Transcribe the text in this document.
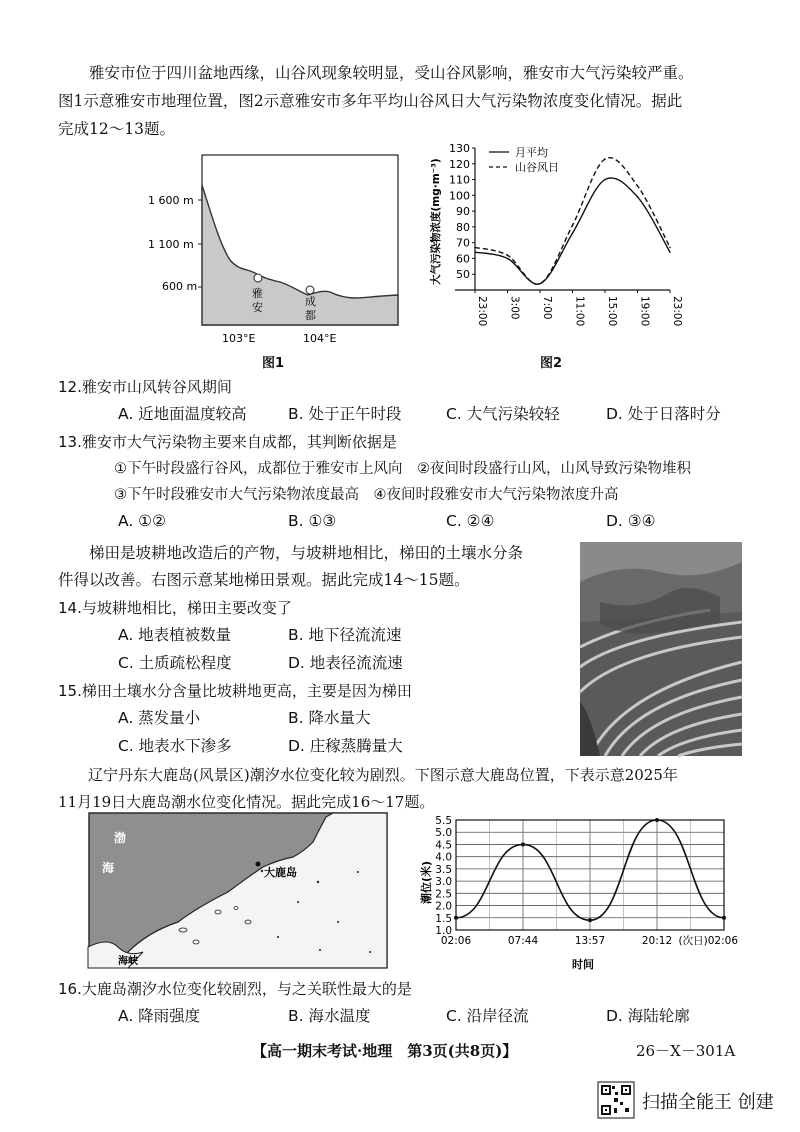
雅安市位于四川盆地西缘，山谷风现象较明显，受山谷风影响，雅安市大气污染较严重。
图1示意雅安市地理位置，图2示意雅安市多年平均山谷风日大气污染物浓度变化情况。据此
完成12～13题。
1 600 m
1 100 m
600 m
雅
安	成
都
103°E	104°E
图1
大气污染物浓度(mg·m⁻³)
月平均
山谷风日
50
60
70
80
90
100
110
120
130
23:00 3:00 7:00 11:00 15:00 19:00 23:00
图2
12.雅安市山风转谷风期间
A. 近地面温度较高	B. 处于正午时段	C. 大气污染较轻	D. 处于日落时分
13.雅安市大气污染物主要来自成都，其判断依据是
①下午时段盛行谷风，成都位于雅安市上风向　②夜间时段盛行山风，山风导致污染物堆积
③下午时段雅安市大气污染物浓度最高　④夜间时段雅安市大气污染物浓度升高
A. ①②	B. ①③	C. ②④	D. ③④
梯田是坡耕地改造后的产物，与坡耕地相比，梯田的土壤水分条
件得以改善。右图示意某地梯田景观。据此完成14～15题。
14.与坡耕地相比，梯田主要改变了
A. 地表植被数量	B. 地下径流流速
C. 土质疏松程度	D. 地表径流流速
15.梯田土壤水分含量比坡耕地更高，主要是因为梯田
A. 蒸发量小	B. 降水量大
C. 地表水下渗多	D. 庄稼蒸腾量大
辽宁丹东大鹿岛(风景区)潮汐水位变化较为剧烈。下图示意大鹿岛位置，下表示意2025年
11月19日大鹿岛潮水位变化情况。据此完成16～17题。
大鹿岛
渤
海
海峡
潮位(米)
时间
1.0
1.5
2.0
2.5
3.0
3.5
4.0
4.5
5.0
5.5
02:06	07:44	13:57	20:12 (次日)02:06
16.大鹿岛潮汐水位变化较剧烈，与之关联性最大的是
A. 降雨强度	B. 海水温度	C. 沿岸径流	D. 海陆轮廓
【高一期末考试·地理　第3页(共8页)】	26－X－301A
扫描全能王 创建
